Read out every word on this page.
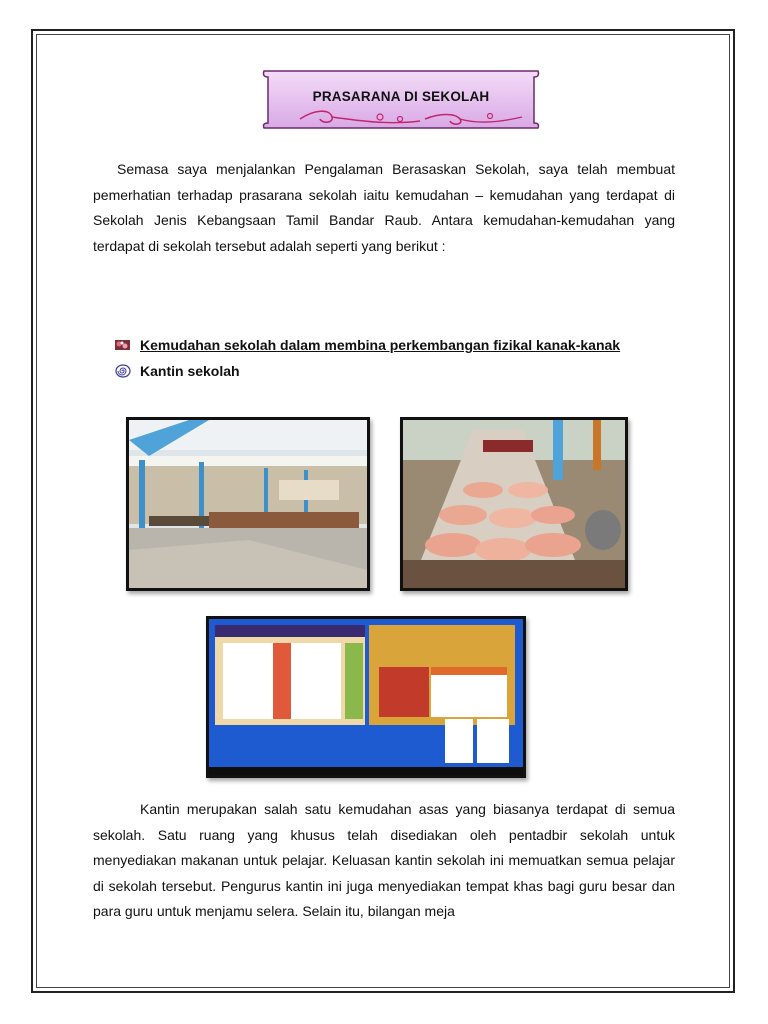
PRASARANA DI SEKOLAH

Semasa saya menjalankan Pengalaman Berasaskan Sekolah, saya telah membuat pemerhatian terhadap prasarana sekolah iaitu kemudahan – kemudahan yang terdapat di Sekolah Jenis Kebangsaan Tamil Bandar Raub. Antara kemudahan-kemudahan yang terdapat di sekolah tersebut adalah seperti yang berikut :

Kemudahan sekolah dalam membina perkembangan fizikal kanak-kanak
Kantin sekolah

Kantin merupakan salah satu kemudahan asas yang biasanya terdapat di semua sekolah. Satu ruang yang khusus telah disediakan oleh pentadbir sekolah untuk menyediakan makanan untuk pelajar. Keluasan kantin sekolah ini memuatkan semua pelajar di sekolah tersebut. Pengurus kantin ini juga menyediakan tempat khas bagi guru besar dan para guru untuk menjamu selera. Selain itu, bilangan meja
